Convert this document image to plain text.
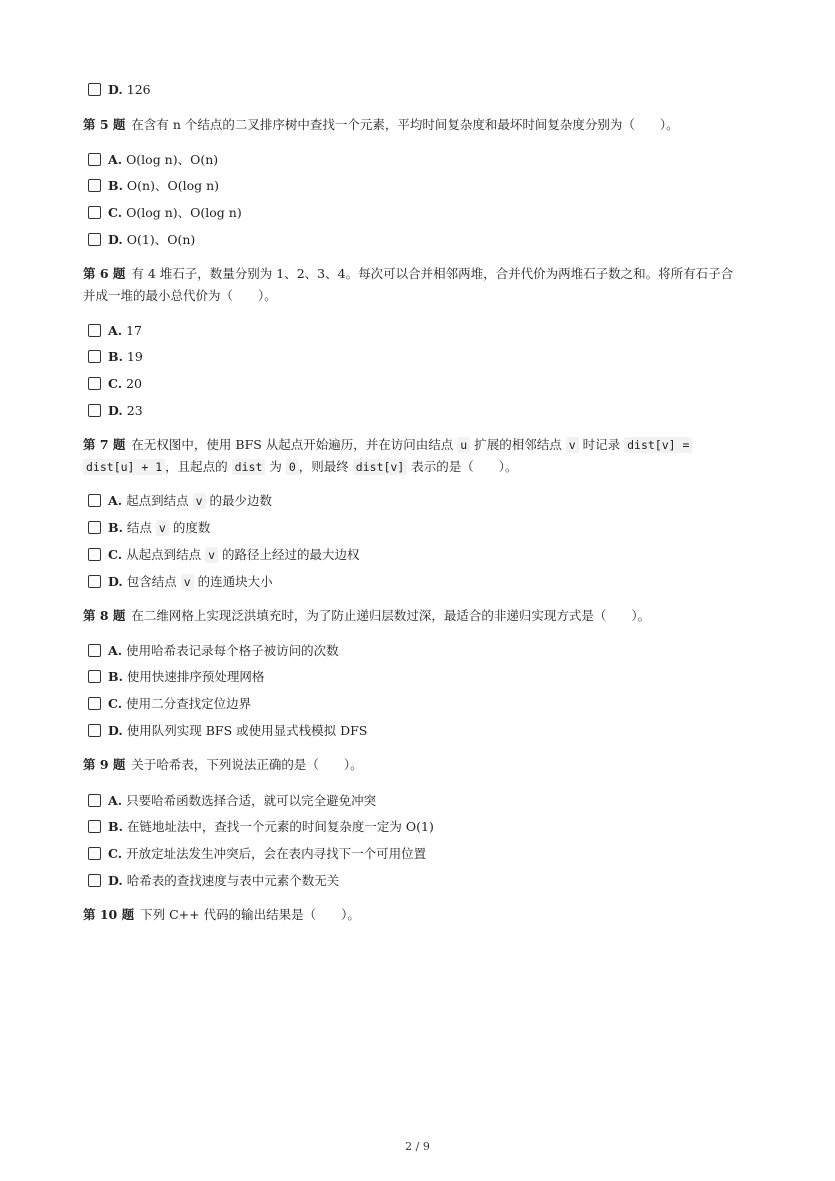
D. 126
第 5 题 在含有 n 个结点的二叉排序树中查找一个元素，平均时间复杂度和最坏时间复杂度分别为（　　）。
A. O(log n)、O(n)
B. O(n)、O(log n)
C. O(log n)、O(log n)
D. O(1)、O(n)
第 6 题 有 4 堆石子，数量分别为 1、2、3、4。每次可以合并相邻两堆，合并代价为两堆石子数之和。将所有石子合
并成一堆的最小总代价为（　　）。
A. 17
B. 19
C. 20
D. 23
第 7 题 在无权图中，使用 BFS 从起点开始遍历，并在访问由结点 u 扩展的相邻结点 v 时记录 dist[v] =
dist[u] + 1 ，且起点的 dist 为 0 ，则最终 dist[v] 表示的是（　　）。
A. 起点到结点 v 的最少边数
B. 结点 v 的度数
C. 从起点到结点 v 的路径上经过的最大边权
D. 包含结点 v 的连通块大小
第 8 题 在二维网格上实现泛洪填充时，为了防止递归层数过深，最适合的非递归实现方式是（　　）。
A. 使用哈希表记录每个格子被访问的次数
B. 使用快速排序预处理网格
C. 使用二分查找定位边界
D. 使用队列实现 BFS 或使用显式栈模拟 DFS
第 9 题 关于哈希表，下列说法正确的是（　　）。
A. 只要哈希函数选择合适，就可以完全避免冲突
B. 在链地址法中，查找一个元素的时间复杂度一定为 O(1)
C. 开放定址法发生冲突后，会在表内寻找下一个可用位置
D. 哈希表的查找速度与表中元素个数无关
第 10 题 下列 C++ 代码的输出结果是（　　）。
2 / 9
